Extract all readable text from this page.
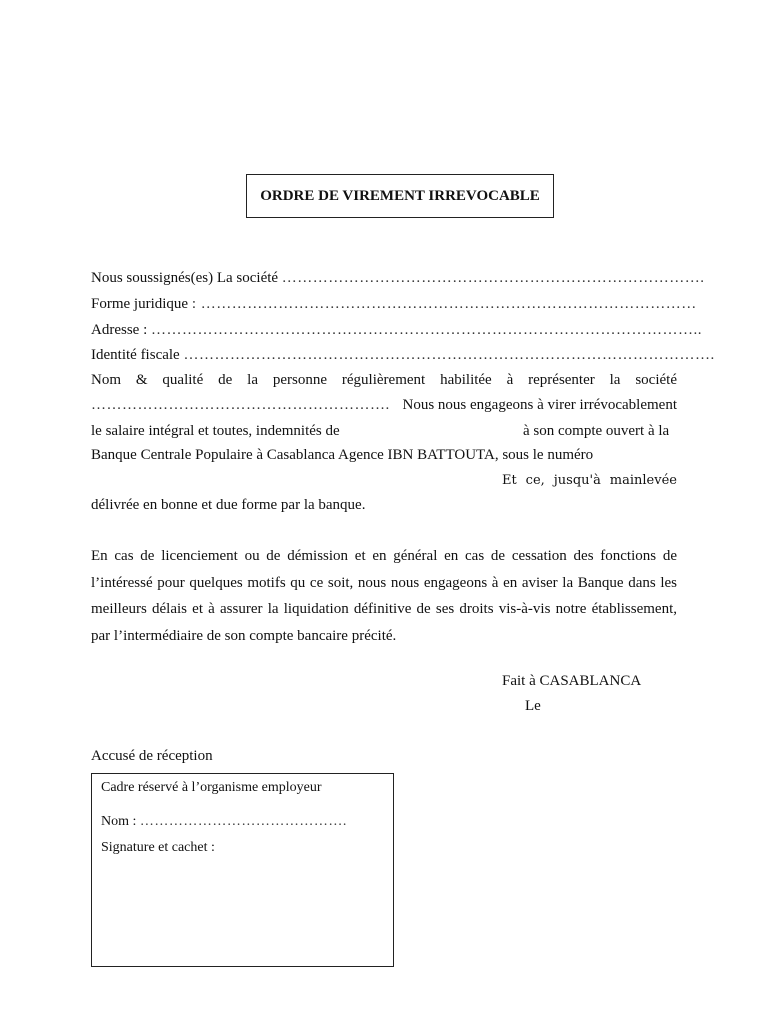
ORDRE DE VIREMENT IRREVOCABLE
Nous soussignés(es) La société ……………………………………………………………………….
Forme juridique : ……………………………………………………………………………………
Adresse : ……………………………………………………………………………………………..
Identité fiscale ………………………………………………………………………………………….
Nom & qualité de la personne régulièrement habilitée à représenter la société
…………………………………………………. Nous nous engageons à virer irrévocablement
le salaire intégral et toutes, indemnités de	à son compte ouvert à la
Banque Centrale Populaire à Casablanca Agence IBN BATTOUTA, sous le numéro
Et ce, jusqu'à mainlevée
délivrée en bonne et due forme par la banque.
En cas de licenciement ou de démission et en général en cas de cessation des fonctions de l’intéressé pour quelques motifs qu ce soit, nous nous engageons à en aviser la Banque dans les meilleurs délais et à assurer la liquidation définitive de ses droits vis-à-vis notre établissement, par l’intermédiaire de son compte bancaire précité.
Fait à CASABLANCA
Le
Accusé de réception
Cadre réservé à l’organisme employeur
Nom : …………………………………….
Signature et cachet :
